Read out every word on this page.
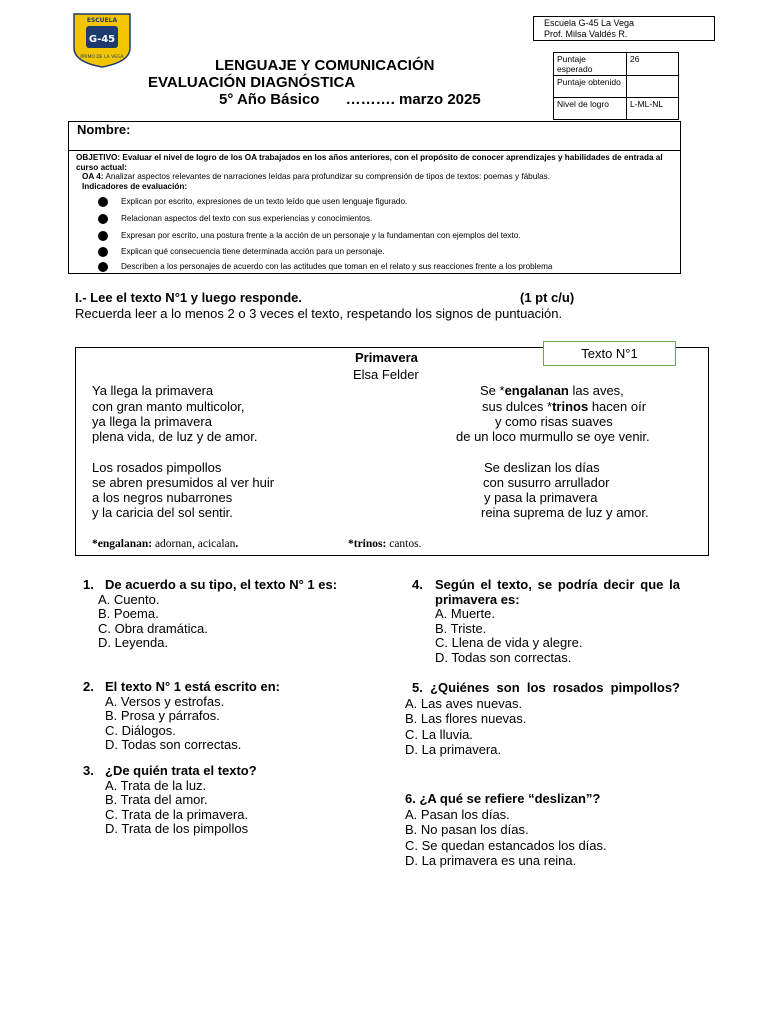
ESCUELA
G-45
PRIMO DE LA VEGA
Escuela G-45 La Vega
Prof. Milsa Valdés R.
Puntaje esperado	26
Puntaje obtenido	
Nivel de logro	L-ML-NL
LENGUAJE Y COMUNICACIÓN
EVALUACIÓN DIAGNÓSTICA
5° Año Básico ………. marzo 2025
Nombre:
OBJETIVO: Evaluar el nivel de logro de los OA trabajados en los años anteriores, con el propósito de conocer aprendizajes y habilidades de entrada al curso actual:
OA 4: Analizar aspectos relevantes de narraciones leídas para profundizar su comprensión de tipos de textos: poemas y fábulas.
Indicadores de evaluación:
Explican por escrito, expresiones de un texto leído que usen lenguaje figurado.
Relacionan aspectos del texto con sus experiencias y conocimientos.
Expresan por escrito, una postura frente a la acción de un personaje y la fundamentan con ejemplos del texto.
Explican qué consecuencia tiene determinada acción para un personaje.
Describen a los personajes de acuerdo con las actitudes que toman en el relato y sus reacciones frente a los problema
I.- Lee el texto N°1 y luego responde.	(1 pt c/u)
Recuerda leer a lo menos 2 o 3 veces el texto, respetando los signos de puntuación.
Primavera
Elsa Felder
Ya llega la primavera
con gran manto multicolor,
ya llega la primavera
plena vida, de luz y de amor.
Los rosados pimpollos
se abren presumidos al ver huir
a los negros nubarrones
y la caricia del sol sentir.
Se *engalanan las aves,
sus dulces *trinos hacen oír
y como risas suaves
de un loco murmullo se oye venir.
Se deslizan los días
con susurro arrullador
y pasa la primavera
reina suprema de luz y amor.
*engalanan: adornan, acicalan.	*trinos: cantos.
Texto N°1
1. De acuerdo a su tipo, el texto N° 1 es:
A. Cuento.
B. Poema.
C. Obra dramática.
D. Leyenda.
2. El texto N° 1 está escrito en:
A. Versos y estrofas.
B. Prosa y párrafos.
C. Diálogos.
D. Todas son correctas.
3. ¿De quién trata el texto?
A. Trata de la luz.
B. Trata del amor.
C. Trata de la primavera.
D. Trata de los pimpollos
4. Según el texto, se podría decir que la primavera es:
A. Muerte.
B. Triste.
C. Llena de vida y alegre.
D. Todas son correctas.
5. ¿Quiénes son los rosados pimpollos?
A. Las aves nuevas.
B. Las flores nuevas.
C. La lluvia.
D. La primavera.
6. ¿A qué se refiere “deslizan”?
A. Pasan los días.
B. No pasan los días.
C. Se quedan estancados los días.
D. La primavera es una reina.
